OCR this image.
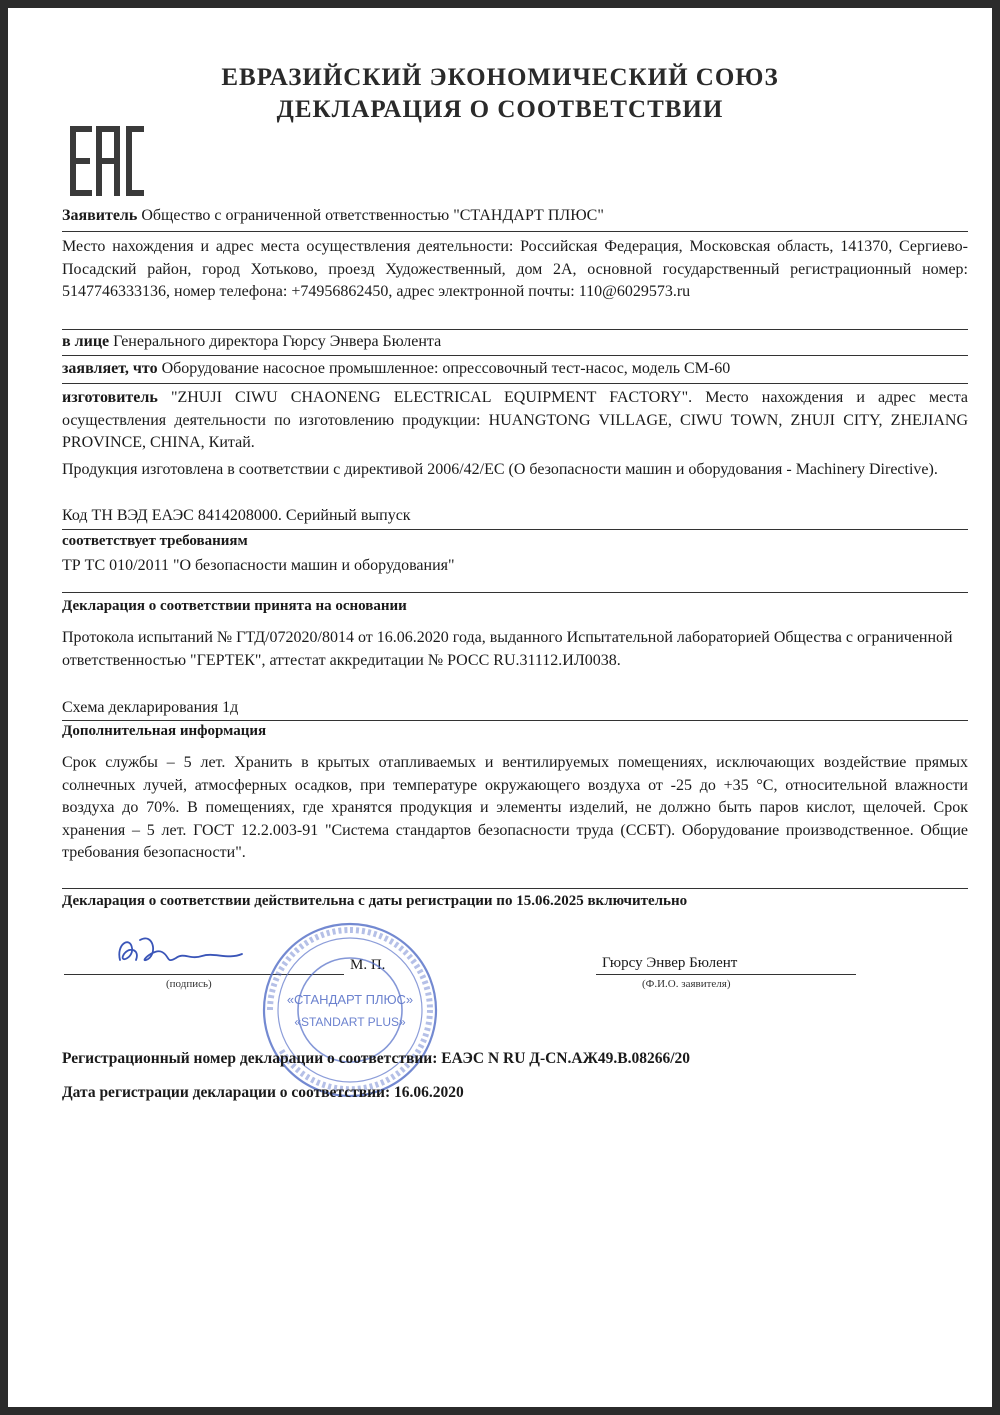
ЕВРАЗИЙСКИЙ ЭКОНОМИЧЕСКИЙ СОЮЗ
ДЕКЛАРАЦИЯ О СООТВЕТСТВИИ
Заявитель Общество с ограниченной ответственностью "СТАНДАРТ ПЛЮС"
Место нахождения и адрес места осуществления деятельности: Российская Федерация, Московская область, 141370, Сергиево-Посадский район, город Хотьково, проезд Художественный, дом 2А, основной государственный регистрационный номер: 5147746333136, номер телефона: +74956862450, адрес электронной почты: 110@6029573.ru
в лице Генерального директора Гюрсу Энвера Бюлента
заявляет, что Оборудование насосное промышленное: опрессовочный тест-насос, модель CM-60
изготовитель "ZHUJI CIWU CHAONENG ELECTRICAL EQUIPMENT FACTORY". Место нахождения и адрес места осуществления деятельности по изготовлению продукции: HUANGTONG VILLAGE, CIWU TOWN, ZHUJI CITY, ZHEJIANG PROVINCE, CHINA, Китай.
Продукция изготовлена в соответствии с директивой 2006/42/ЕС (О безопасности машин и оборудования - Machinery Directive).
Код ТН ВЭД ЕАЭС 8414208000. Серийный выпуск
соответствует требованиям
ТР ТС 010/2011 "О безопасности машин и оборудования"
Декларация о соответствии принята на основании
Протокола испытаний № ГТД/072020/8014 от 16.06.2020 года, выданного Испытательной лабораторией Общества с ограниченной ответственностью "ГЕРТЕК", аттестат аккредитации № РОСС RU.31112.ИЛ0038.
Схема декларирования 1д
Дополнительная информация
Срок службы – 5 лет. Хранить в крытых отапливаемых и вентилируемых помещениях, исключающих воздействие прямых солнечных лучей, атмосферных осадков, при температуре окружающего воздуха от -25 до +35 °С, относительной влажности воздуха до 70%. В помещениях, где хранятся продукция и элементы изделий, не должно быть паров кислот, щелочей. Срок хранения – 5 лет. ГОСТ 12.2.003-91 "Система стандартов безопасности труда (ССБТ). Оборудование производственное. Общие требования безопасности".
Декларация о соответствии действительна с даты регистрации по 15.06.2025 включительно
(подпись)
М. П.	Гюрсу Энвер Бюлент
(Ф.И.О. заявителя)
«СТАНДАРТ ПЛЮС»
«STANDART PLUS»
Регистрационный номер декларации о соответствии: ЕАЭС N RU Д-CN.АЖ49.В.08266/20
Дата регистрации декларации о соответствии: 16.06.2020
